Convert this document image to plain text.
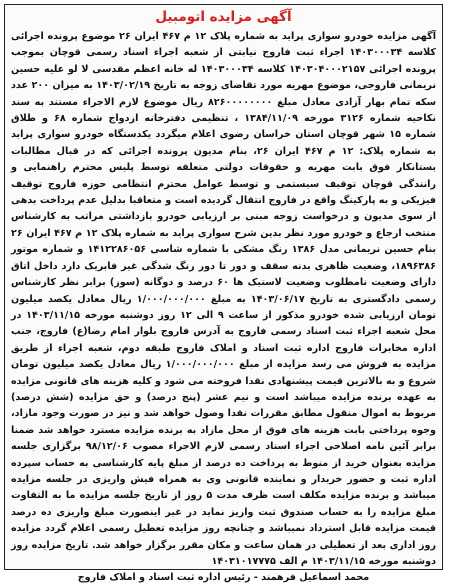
آگهی مزایده اتومبیل

آگهی مزایده خودرو سواری پراید به شماره پلاک ۱۲ م ۴۶۷ ایران ۲۶ موضوع پرونده اجرائی کلاسه ۱۴۰۳۰۰۰۳۴ اجراء ثبت فاروج نیابتی از شعبه اجراء اسناد رسمی قوچان بموجب پرونده اجرائی ۱۴۰۳۰۴۰۰۰۲۱۵۷ کلاسه ۱۴۰۳۰۰۰۳۴ له خانه اعظم مقدسی لا لو علیه حسین نریمانی فاروجی، موضوع مهریه مورد تقاضای زوجه به تاریخ ۱۴۰۳/۰۲/۱۹ به میزان ۲۰۰ عدد سکه تمام بهار آزادی معادل مبلغ ۸۲۶۰۰۰۰۰۰۰۰ ریال موضوع لازم الاجراء مستند به سند نکاحیه شماره ۳۱۲۶ مورخه ۱۳۸۴/۱۱/۰۹ ، تنظیمی دفترخانه ازدواج شماره ۶۸ و طلاق شماره ۱۵ شهر قوچان استان خراسان رضوی اعلام میگردد یکدستگاه خودرو سواری پراید به شماره پلاک: ۱۲ م ۴۶۷ ایران ۲۶، بنام مدیون پرونده اجرائی که در قبال مطالبات بستانکار فوق بابت مهریه و حقوقات دولتی متعلقه توسط پلیس محترم راهنمایی و رانندگی قوچان توقیف سیستمی و توسط عوامل محترم انتظامی حوزه فاروج توقیف فیزیکی و به پارکینگ واقع در فاروج انتقال گردیده است و متعاقبا بدلیل عدم پرداخت بدهی از سوی مدیون و درخواست زوجه مبنی بر ارزیابی خودرو بازداشتی مراتب به کارشناس منتخب ارجاع و خودرو مورد نظر بدین شرح سواری پراید به شماره پلاک ۱۲ م ۴۶۷ ایران ۲۶ بنام حسین نریمانی مدل ۱۳۸۶ رنگ مشکی با شماره شاسی ۱۴۱۲۲۸۶۰۵۶ و شماره موتور ۱۸۹۶۳۸۶، وضعیت ظاهری بدنه سقف و دور تا دور رنگ شدگی غیر فابریک دارد داخل اتاق دارای وضعیت نامطلوب وضعیت لاستیک ها ۶۰ درصد و دوگانه (سوز) برابر نظر کارشناس رسمی دادگستری به تاریخ ۱۴۰۳/۰۶/۱۷ به مبلغ ۱/۰۰۰/۰۰۰/۰۰۰ ریال معادل یکصد میلیون تومان ارزیابی شده خودرو مذکور از ساعت ۹ الی ۱۲ روز دوشنبه مورخه ۱۴۰۳/۱۱/۱۵ در محل شعبه اجراء ثبت اسناد رسمی فاروج به آدرس فاروج بلوار امام رضا(ع) فاروج، جنب اداره مخابرات فاروج اداره ثبت اسناد و املاک فاروج طبقه دوم، شعبه اجراء از طریق مزایده به فروش می رسد مزایده از مبلغ ۱/۰۰۰/۰۰۰/۰۰۰ ریال معادل یکصد میلیون تومان شروع و به بالاترین قیمت پیشنهادی نقدا فروخته می شود و کلیه هزینه های قانونی مزایده به عهده برنده مزایده میباشد است و نیم عشر (پنج درصد) و حق مزایده (شش درصد) مربوط به اموال منقول مطابق مقررات نقدا وصول خواهد شد و نیز در صورت وجود مازاد، وجوه پرداختی بابت هزینه های فوق از محل مازاد به برنده مزایده مسترد خواهد شد ضمنا برابر آئین نامه اصلاحی اجراء اسناد رسمی لازم الاجراء مصوب ۹۸/۱۲/۰۶ برگزاری جلسه مزایده بعنوان خرید از منوط به پرداخت ده درصد از مبلغ پایه کارشناسی به حساب سپرده اداره ثبت و حضور خریدار و نماینده قانونی وی به همراه فیش واریزی در جلسه مزایده میباشد و برنده مزایده مکلف است ظرف مدت ۵ روز از تاریخ جلسه مزایده ما به التفاوت مبلغ مزایده را به حساب صندوق ثبت واریز نماید در غیر اینصورت مبلغ واریزی ده درصد قیمت مزایده قابل استرداد نمیباشد و چنانچه روز مزایده تعطیل رسمی اعلام گردد مزایده روز اداری بعد از تعطیلی در همان ساعت و مکان مقرر برگزار خواهد شد. تاریخ مزایده روز دوشنبه مورخه ۱۴۰۳/۱۱/۱۵ م الف ۱۴۰۳۱۰۱۷۷۷۵

محمد اسماعیل فرهمند - رئیس اداره ثبت اسناد و املاک فاروج
